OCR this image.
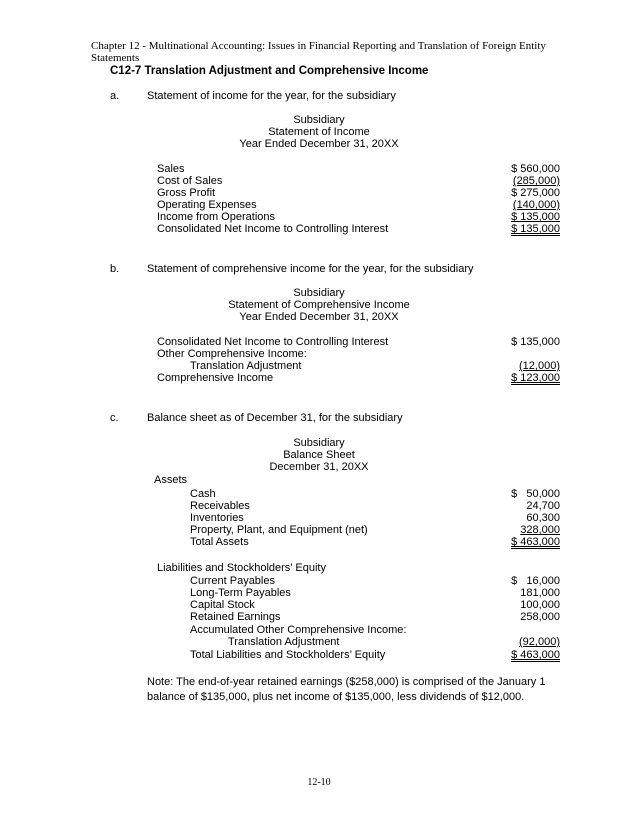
Chapter 12 - Multinational Accounting: Issues in Financial Reporting and Translation of Foreign Entity Statements
C12-7 Translation Adjustment and Comprehensive Income
a.	Statement of income for the year, for the subsidiary
Subsidiary
Statement of Income
Year Ended December 31, 20XX
Sales	$ 560,000
Cost of Sales	(285,000)
Gross Profit	$ 275,000
Operating Expenses	(140,000)
Income from Operations	$ 135,000
Consolidated Net Income to Controlling Interest	$ 135,000
b.	Statement of comprehensive income for the year, for the subsidiary
Subsidiary
Statement of Comprehensive Income
Year Ended December 31, 20XX
Consolidated Net Income to Controlling Interest	$ 135,000
Other Comprehensive Income:
Translation Adjustment	(12,000)
Comprehensive Income	$ 123,000
c.	Balance sheet as of December 31, for the subsidiary
Subsidiary
Balance Sheet
December 31, 20XX
Assets
Cash	$   50,000
Receivables	24,700
Inventories	60,300
Property, Plant, and Equipment (net)	328,000
Total Assets	$ 463,000
Liabilities and Stockholders’ Equity
Current Payables	$   16,000
Long-Term Payables	181,000
Capital Stock	100,000
Retained Earnings	258,000
Accumulated Other Comprehensive Income:
Translation Adjustment	(92,000)
Total Liabilities and Stockholders’ Equity	$ 463,000
Note: The end-of-year retained earnings ($258,000) is comprised of the January 1 balance of $135,000, plus net income of $135,000, less dividends of $12,000.
12-10
